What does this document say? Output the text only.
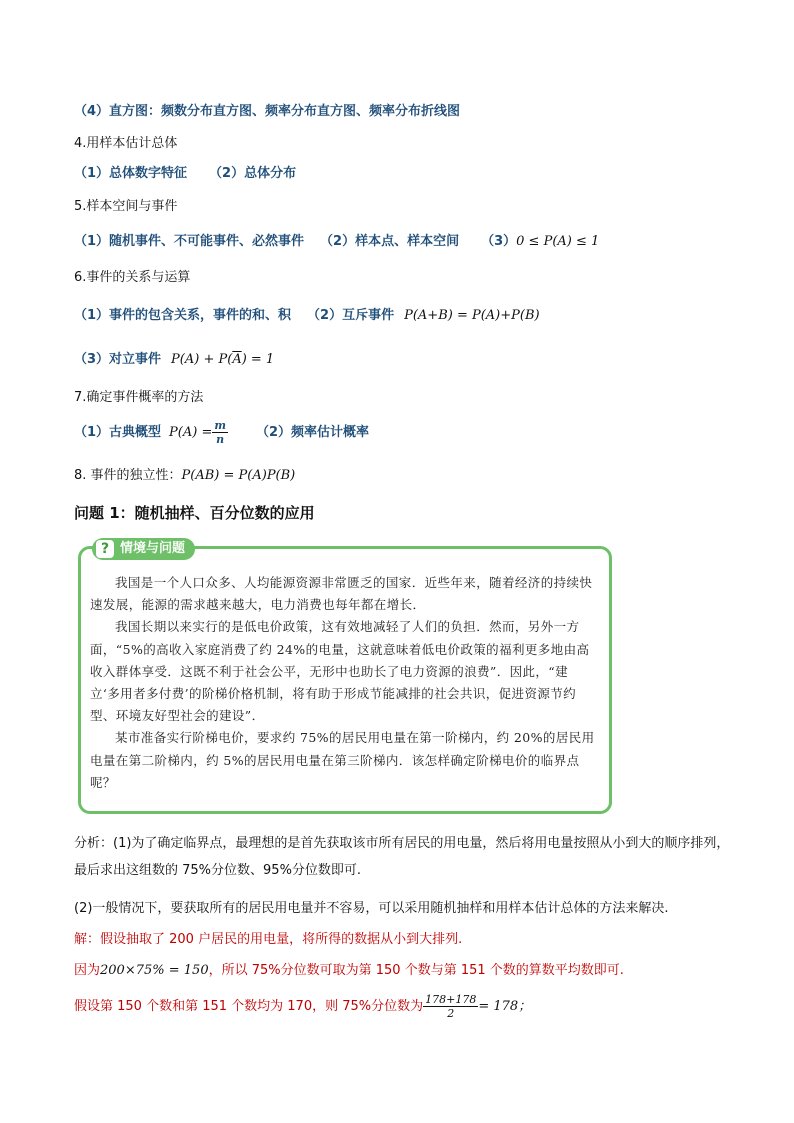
（4）直方图：频数分布直方图、频率分布直方图、频率分布折线图
4.用样本估计总体
（1）总体数字特征 （2）总体分布
5.样本空间与事件
（1）随机事件、不可能事件、必然事件 （2）样本点、样本空间 （3）0 ≤ P(A) ≤ 1
6.事件的关系与运算
（1）事件的包含关系，事件的和、积 （2）互斥事件 P(A+B) = P(A)+P(B)
（3）对立事件 $P(A) + P(\overline{A}) = 1$
7.确定事件概率的方法
（1）古典概型 $P(A) = \frac{m}{n} (2)$频率估计概率
8. 事件的独立性：P(AB) = P(A)P(B)
问题 1：随机抽样、百分位数的应用
? 情境与问题

我国是一个人口众多、人均能源资源非常匮乏的国家．近些年来，随着经济的持续快速发展，能源的需求越来越大，电力消费也每年都在增长．

我国长期以来实行的是低电价政策，这有效地减轻了人们的负担．然而，另外一方面，“5%的高收入家庭消费了约 24%的电量，这就意味着低电价政策的福利更多地由高收入群体享受．这既不利于社会公平，无形中也助长了电力资源的浪费”．因此，“建立‘多用者多付费’的阶梯价格机制，将有助于形成节能减排的社会共识，促进资源节约型、环境友好型社会的建设”．

某市准备实行阶梯电价，要求约 75%的居民用电量在第一阶梯内，约 20%的居民用电量在第二阶梯内，约 5%的居民用电量在第三阶梯内．该怎样确定阶梯电价的临界点呢？

分析：(1)为了确定临界点，最理想的是首先获取该市所有居民的用电量，然后将用电量按照从小到大的顺序排列，最后求出这组数的 75%分位数、95%分位数即可.
(2)一般情况下，要获取所有的居民用电量并不容易，可以采用随机抽样和用样本估计总体的方法来解决.
解：假设抽取了 200 户居民的用电量，将所得的数据从小到大排列.
因为200×75% = 150，所以 75%分位数可取为第 150 个数与第 151 个数的算数平均数即可.
假设第 150 个数和第 151 个数均为 170，则 75%分位数为 $\frac{178+178}{2} = 178$；
